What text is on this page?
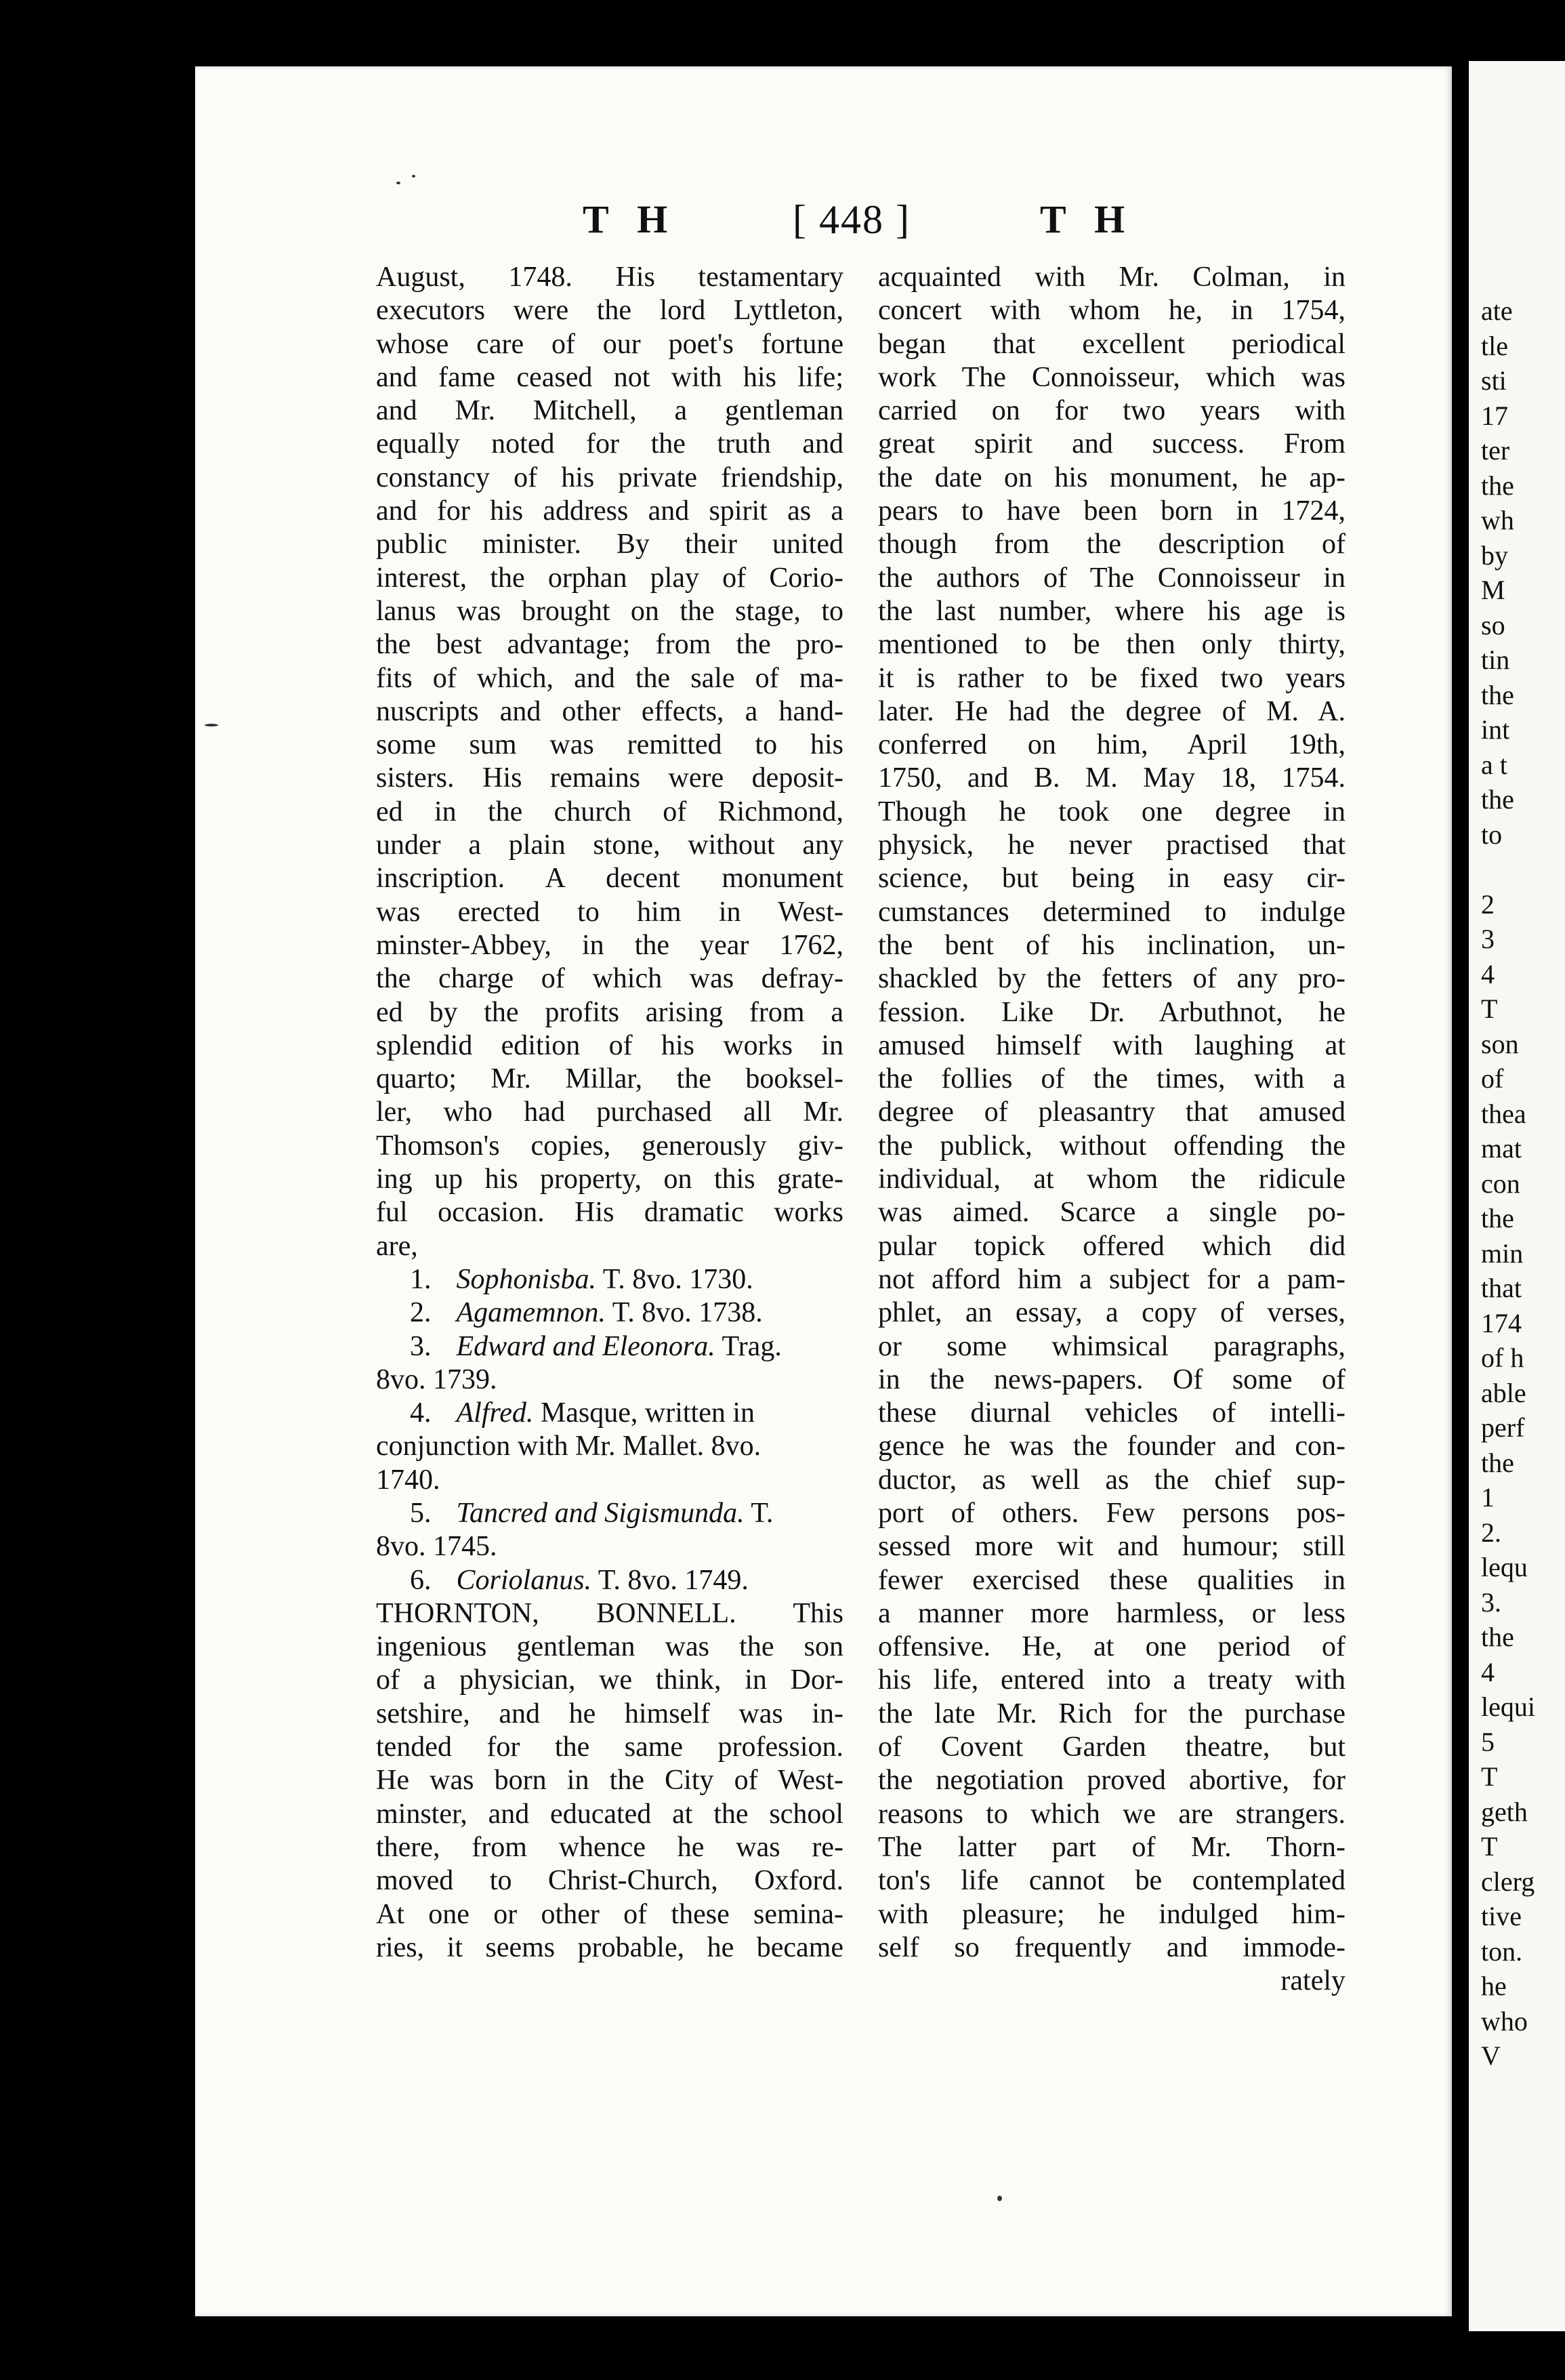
T H	[ 448 ]	T H
August, 1748. His testamentary
executors were the lord Lyttleton,
whose care of our poet's fortune
and fame ceased not with his life;
and Mr. Mitchell, a gentleman
equally noted for the truth and
constancy of his private friendship,
and for his address and spirit as a
public minister. By their united
interest, the orphan play of Corio-
lanus was brought on the stage, to
the best advantage; from the pro-
fits of which, and the sale of ma-
nuscripts and other effects, a hand-
some sum was remitted to his
sisters. His remains were deposit-
ed in the church of Richmond,
under a plain stone, without any
inscription. A decent monument
was erected to him in West-
minster-Abbey, in the year 1762,
the charge of which was defray-
ed by the profits arising from a
splendid edition of his works in
quarto; Mr. Millar, the booksel-
ler, who had purchased all Mr.
Thomson's copies, generously giv-
ing up his property, on this grate-
ful occasion. His dramatic works
are,
1. Sophonisba. T. 8vo. 1730.
2. Agamemnon. T. 8vo. 1738.
3. Edward and Eleonora. Trag.
8vo. 1739.
4. Alfred. Masque, written in
conjunction with Mr. Mallet. 8vo.
1740.
5. Tancred and Sigismunda. T.
8vo. 1745.
6. Coriolanus. T. 8vo. 1749.
THORNTON, BONNELL. This
ingenious gentleman was the son
of a physician, we think, in Dor-
setshire, and he himself was in-
tended for the same profession.
He was born in the City of West-
minster, and educated at the school
there, from whence he was re-
moved to Christ-Church, Oxford.
At one or other of these semina-
ries, it seems probable, he became
acquainted with Mr. Colman, in
concert with whom he, in 1754,
began that excellent periodical
work The Connoisseur, which was
carried on for two years with
great spirit and success. From
the date on his monument, he ap-
pears to have been born in 1724,
though from the description of
the authors of The Connoisseur in
the last number, where his age is
mentioned to be then only thirty,
it is rather to be fixed two years
later. He had the degree of M. A.
conferred on him, April 19th,
1750, and B. M. May 18, 1754.
Though he took one degree in
physick, he never practised that
science, but being in easy cir-
cumstances determined to indulge
the bent of his inclination, un-
shackled by the fetters of any pro-
fession. Like Dr. Arbuthnot, he
amused himself with laughing at
the follies of the times, with a
degree of pleasantry that amused
the publick, without offending the
individual, at whom the ridicule
was aimed. Scarce a single po-
pular topick offered which did
not afford him a subject for a pam-
phlet, an essay, a copy of verses,
or some whimsical paragraphs,
in the news-papers. Of some of
these diurnal vehicles of intelli-
gence he was the founder and con-
ductor, as well as the chief sup-
port of others. Few persons pos-
sessed more wit and humour; still
fewer exercised these qualities in
a manner more harmless, or less
offensive. He, at one period of
his life, entered into a treaty with
the late Mr. Rich for the purchase
of Covent Garden theatre, but
the negotiation proved abortive, for
reasons to which we are strangers.
The latter part of Mr. Thorn-
ton's life cannot be contemplated
with pleasure; he indulged him-
self so frequently and immode-
rately
ate
tle
sti
17
ter
the
wh
by
M
so
tin
the
int
a t
the
to
2
3
4
T
son
of
thea
mat
con
the
min
that
174
of h
able
perf
the
1
2.
lequ
3.
the
4
lequi
5
T
geth
T
clerg
tive
ton.
he
who
V
